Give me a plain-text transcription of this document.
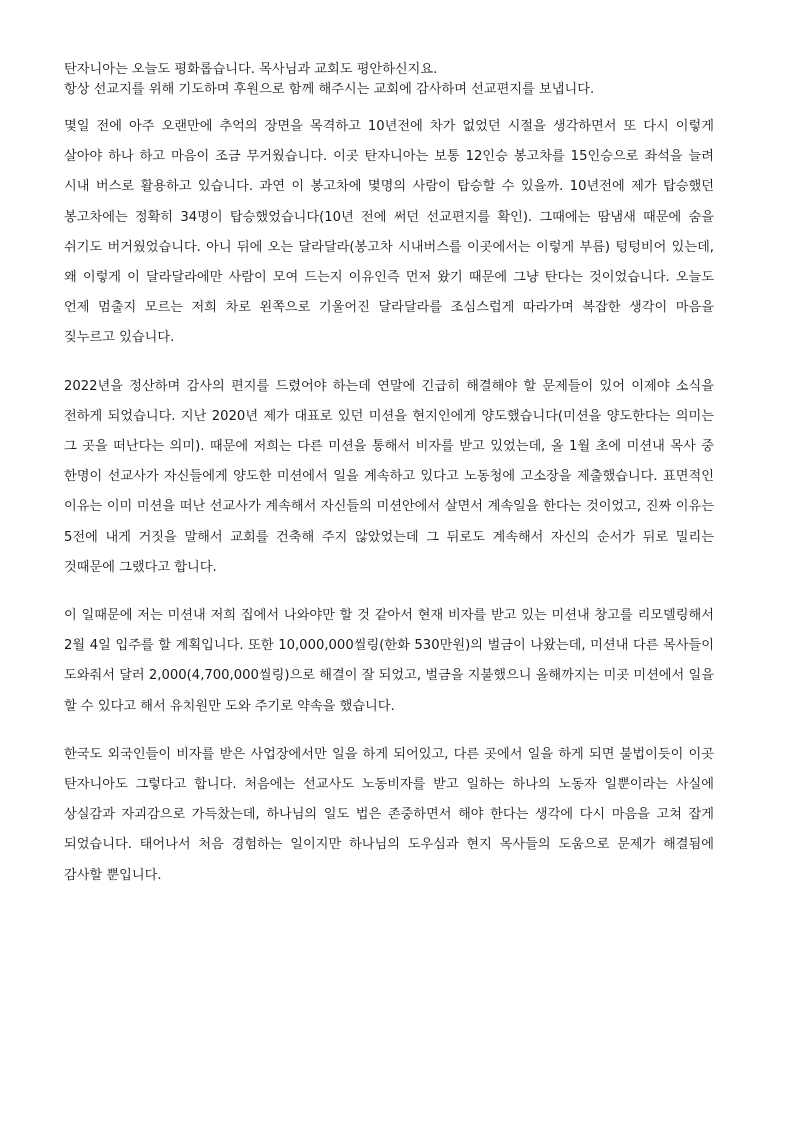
탄자니아는 오늘도 평화롭습니다. 목사님과 교회도 평안하신지요.

항상 선교지를 위해 기도하며 후원으로 함께 해주시는 교회에 감사하며 선교편지를 보냅니다.

몇일 전에 아주 오랜만에 추억의 장면을 목격하고 10년전에 차가 없었던 시절을 생각하면서 또 다시 이렇게 살아야 하나 하고 마음이 조금 무거웠습니다. 이곳 탄자니아는 보통 12인승 봉고차를 15인승으로 좌석을 늘려 시내 버스로 활용하고 있습니다. 과연 이 봉고차에 몇명의 사람이 탑승할 수 있을까. 10년전에 제가 탑승했던 봉고차에는 정확히 34명이 탑승했었습니다(10년 전에 써던 선교편지를 확인). 그때에는 땀냄새 때문에 숨을 쉬기도 버거웠었습니다. 아니 뒤에 오는 달라달라(봉고차 시내버스를 이곳에서는 이렇게 부름) 텅텅비어 있는데, 왜 이렇게 이 달라달라에만 사람이 모여 드는지 이유인즉 먼저 왔기 때문에 그냥 탄다는 것이었습니다. 오늘도 언제 멈출지 모르는 저희 차로 왼쪽으로 기울어진 달라달라를 조심스럽게 따라가며 복잡한 생각이 마음을 짖누르고 있습니다.

2022년을 정산하며 감사의 편지를 드렸어야 하는데 연말에 긴급히 해결해야 할 문제들이 있어 이제야 소식을 전하게 되었습니다. 지난 2020년 제가 대표로 있던 미션을 현지인에게 양도했습니다(미션을 양도한다는 의미는 그 곳을 떠난다는 의미). 때문에 저희는 다른 미션을 통해서 비자를 받고 있었는데, 올 1월 초에 미션내 목사 중 한명이 선교사가 자신들에게 양도한 미션에서 일을 계속하고 있다고 노동청에 고소장을 제출했습니다. 표면적인 이유는 이미 미션을 떠난 선교사가 계속해서 자신들의 미션안에서 살면서 계속일을 한다는 것이었고, 진짜 이유는 5전에 내게 거짓을 말해서 교회를 건축해 주지 않았었는데 그 뒤로도 계속해서 자신의 순서가 뒤로 밀리는 것때문에 그랬다고 합니다.

이 일때문에 저는 미션내 저희 집에서 나와야만 할 것 같아서 현재 비자를 받고 있는 미션내 창고를 리모델링해서 2월 4일 입주를 할 계획입니다. 또한 10,000,000씰링(한화 530만원)의 벌금이 나왔는데, 미션내 다른 목사들이 도와줘서 달러 2,000(4,700,000씰링)으로 해결이 잘 되었고, 벌금을 지불했으니 올해까지는 미곳 미션에서 일을 할 수 있다고 해서 유치원만 도와 주기로 약속을 했습니다.

한국도 외국인들이 비자를 받은 사업장에서만 일을 하게 되어있고, 다른 곳에서 일을 하게 되면 불법이듯이 이곳 탄자니아도 그렇다고 합니다. 처음에는 선교사도 노동비자를 받고 일하는 하나의 노동자 일뿐이라는 사실에 상실감과 자괴감으로 가득찼는데, 하나님의 일도 법은 존중하면서 해야 한다는 생각에 다시 마음을 고쳐 잡게 되었습니다. 태어나서 처음 경험하는 일이지만 하나님의 도우심과 현지 목사들의 도움으로 문제가 해결됨에 감사할 뿐입니다.
